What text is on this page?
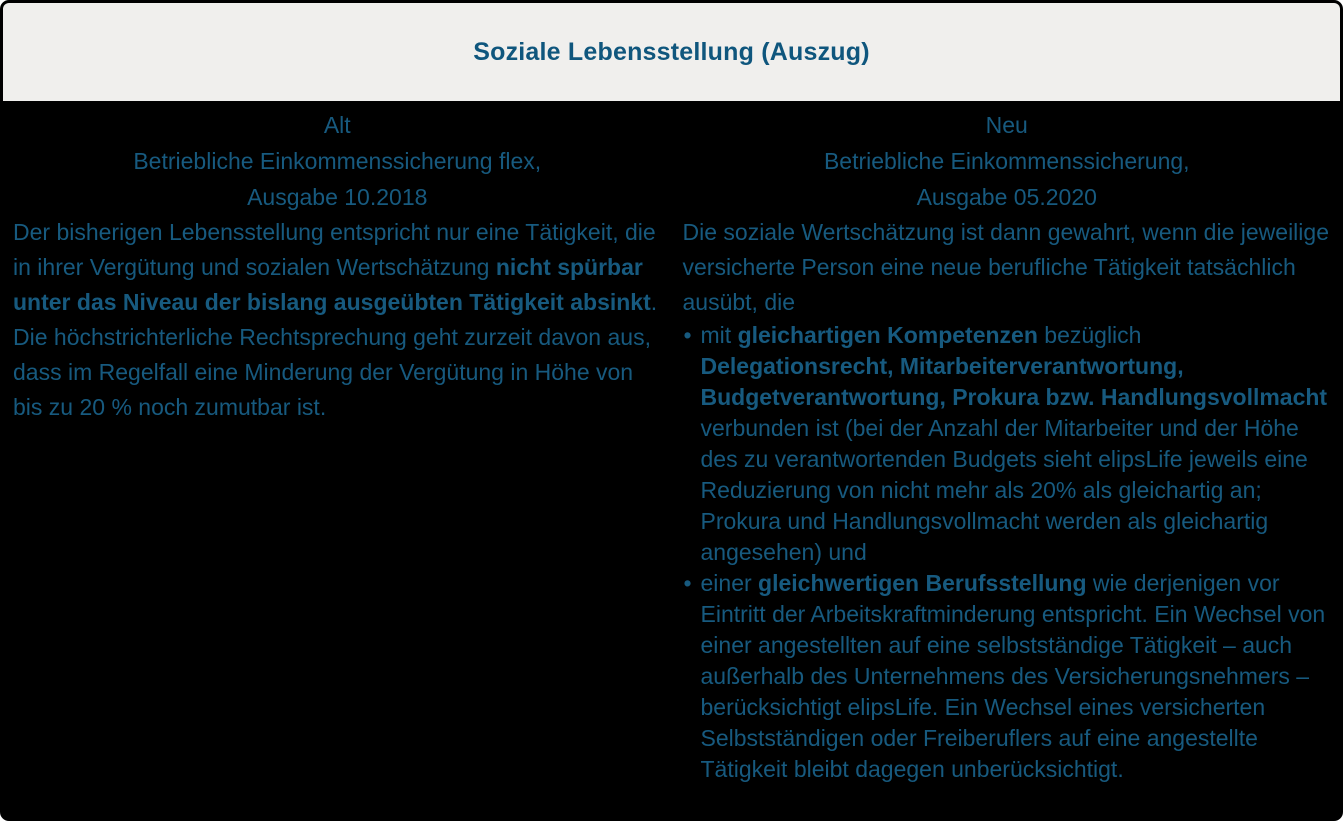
Soziale Lebensstellung (Auszug)
Alt
Betriebliche Einkommenssicherung flex,
Ausgabe 10.2018

Der bisherigen Lebensstellung entspricht nur eine Tätigkeit, die in ihrer Vergütung und sozialen Wertschätzung nicht spürbar unter das Niveau der bislang ausgeübten Tätigkeit absinkt. Die höchstrichterliche Rechtsprechung geht zurzeit davon aus, dass im Regelfall eine Minderung der Vergütung in Höhe von bis zu 20 % noch zumutbar ist.

Neu
Betriebliche Einkommenssicherung,
Ausgabe 05.2020

Die soziale Wertschätzung ist dann gewahrt, wenn die jeweilige versicherte Person eine neue berufliche Tätigkeit tatsächlich ausübt, die

• mit gleichartigen Kompetenzen bezüglich Delegationsrecht, Mitarbeiterverantwortung, Budgetverantwortung, Prokura bzw. Handlungsvollmacht verbunden ist (bei der Anzahl der Mitarbeiter und der Höhe des zu verantwortenden Budgets sieht elipsLife jeweils eine Reduzierung von nicht mehr als 20% als gleichartig an; Prokura und Handlungsvollmacht werden als gleichartig angesehen) und
• einer gleichwertigen Berufsstellung wie derjenigen vor Eintritt der Arbeitskraftminderung entspricht. Ein Wechsel von einer angestellten auf eine selbstständige Tätigkeit – auch außerhalb des Unternehmens des Versicherungsnehmers – berücksichtigt elipsLife. Ein Wechsel eines versicherten Selbstständigen oder Freiberuflers auf eine angestellte Tätigkeit bleibt dagegen unberücksichtigt.
